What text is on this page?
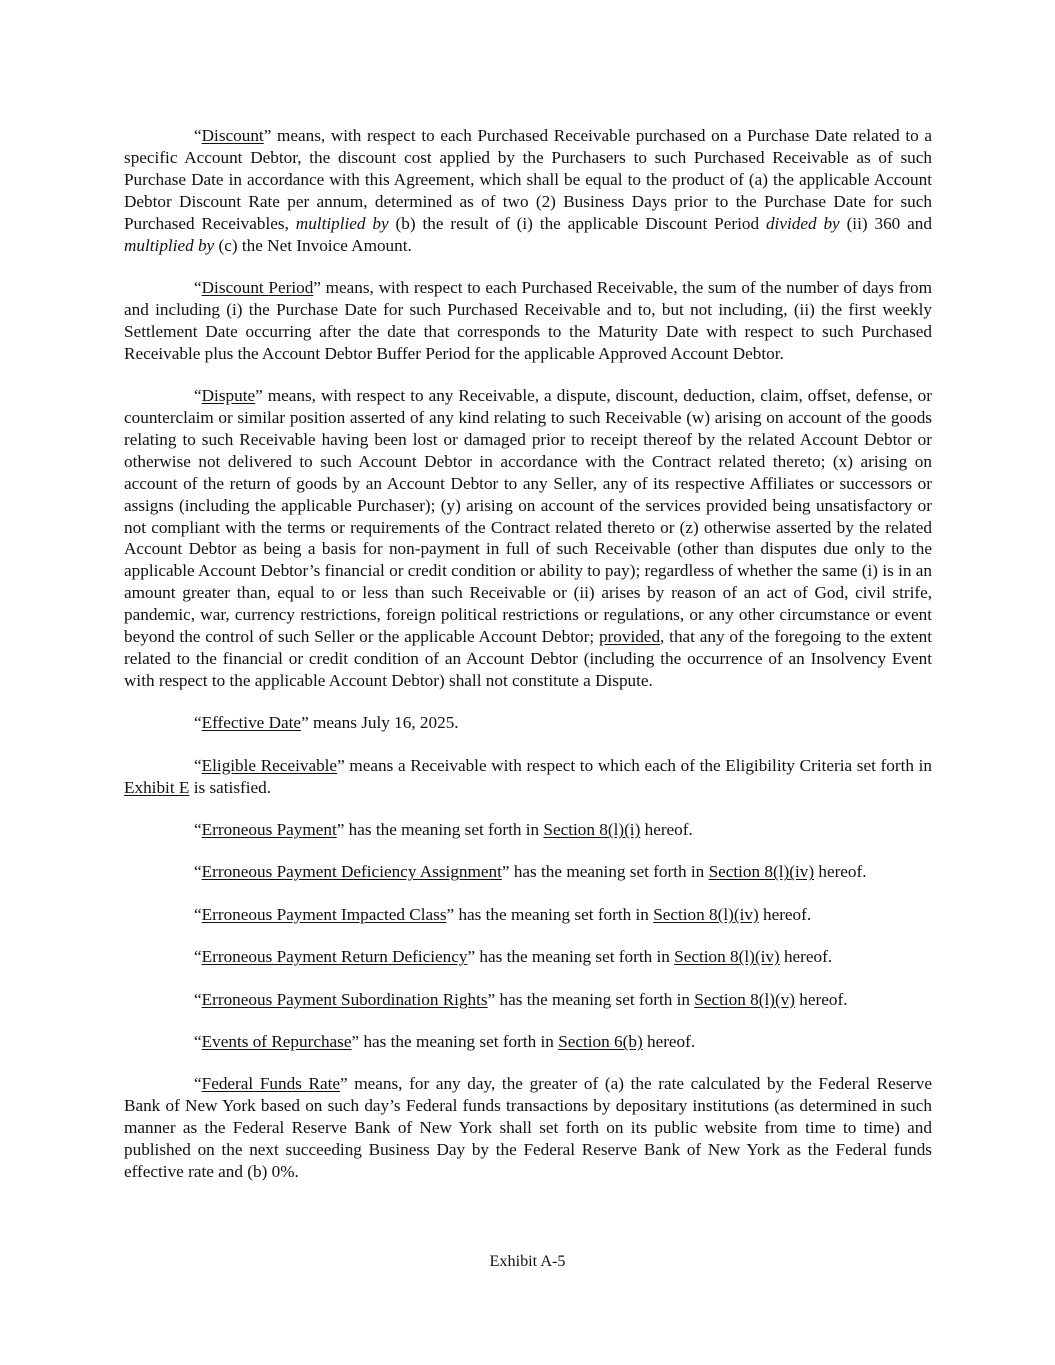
“Discount” means, with respect to each Purchased Receivable purchased on a Purchase Date related to a specific Account Debtor, the discount cost applied by the Purchasers to such Purchased Receivable as of such Purchase Date in accordance with this Agreement, which shall be equal to the product of (a) the applicable Account Debtor Discount Rate per annum, determined as of two (2) Business Days prior to the Purchase Date for such Purchased Receivables, multiplied by (b) the result of (i) the applicable Discount Period divided by (ii) 360 and multiplied by (c) the Net Invoice Amount.

“Discount Period” means, with respect to each Purchased Receivable, the sum of the number of days from and including (i) the Purchase Date for such Purchased Receivable and to, but not including, (ii) the first weekly Settlement Date occurring after the date that corresponds to the Maturity Date with respect to such Purchased Receivable plus the Account Debtor Buffer Period for the applicable Approved Account Debtor.

“Dispute” means, with respect to any Receivable, a dispute, discount, deduction, claim, offset, defense, or counterclaim or similar position asserted of any kind relating to such Receivable (w) arising on account of the goods relating to such Receivable having been lost or damaged prior to receipt thereof by the related Account Debtor or otherwise not delivered to such Account Debtor in accordance with the Contract related thereto; (x) arising on account of the return of goods by an Account Debtor to any Seller, any of its respective Affiliates or successors or assigns (including the applicable Purchaser); (y) arising on account of the services provided being unsatisfactory or not compliant with the terms or requirements of the Contract related thereto or (z) otherwise asserted by the related Account Debtor as being a basis for non-payment in full of such Receivable (other than disputes due only to the applicable Account Debtor’s financial or credit condition or ability to pay); regardless of whether the same (i) is in an amount greater than, equal to or less than such Receivable or (ii) arises by reason of an act of God, civil strife, pandemic, war, currency restrictions, foreign political restrictions or regulations, or any other circumstance or event beyond the control of such Seller or the applicable Account Debtor; provided, that any of the foregoing to the extent related to the financial or credit condition of an Account Debtor (including the occurrence of an Insolvency Event with respect to the applicable Account Debtor) shall not constitute a Dispute.

“Effective Date” means July 16, 2025.

“Eligible Receivable” means a Receivable with respect to which each of the Eligibility Criteria set forth in Exhibit E is satisfied.

“Erroneous Payment” has the meaning set forth in Section 8(l)(i) hereof.

“Erroneous Payment Deficiency Assignment” has the meaning set forth in Section 8(l)(iv) hereof.

“Erroneous Payment Impacted Class” has the meaning set forth in Section 8(l)(iv) hereof.

“Erroneous Payment Return Deficiency” has the meaning set forth in Section 8(l)(iv) hereof.

“Erroneous Payment Subordination Rights” has the meaning set forth in Section 8(l)(v) hereof.

“Events of Repurchase” has the meaning set forth in Section 6(b) hereof.

“Federal Funds Rate” means, for any day, the greater of (a) the rate calculated by the Federal Reserve Bank of New York based on such day’s Federal funds transactions by depositary institutions (as determined in such manner as the Federal Reserve Bank of New York shall set forth on its public website from time to time) and published on the next succeeding Business Day by the Federal Reserve Bank of New York as the Federal funds effective rate and (b) 0%.

Exhibit A-5
